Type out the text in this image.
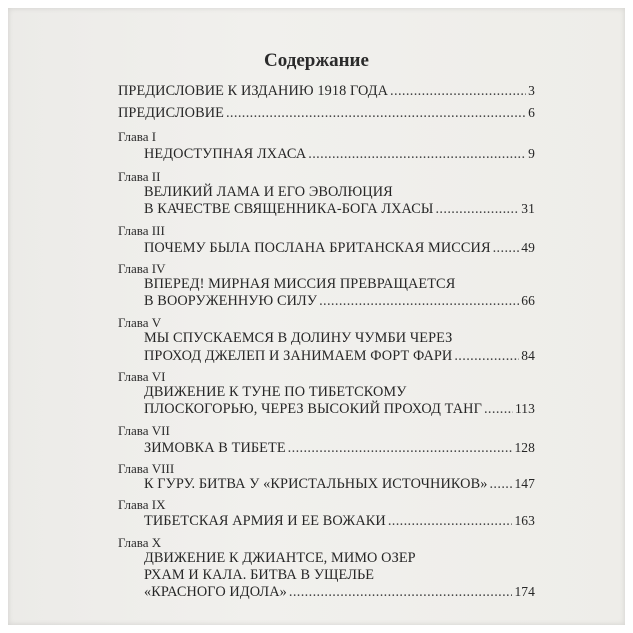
Содержание
ПРЕДИСЛОВИЕ К ИЗДАНИЮ 1918 ГОДА . . .	3
ПРЕДИСЛОВИЕ . . .	6
Глава I
НЕДОСТУПНАЯ ЛХАСА . . .	9
Глава II
ВЕЛИКИЙ ЛАМА И ЕГО ЭВОЛЮЦИЯ
В КАЧЕСТВЕ СВЯЩЕННИКА-БОГА ЛХАСЫ . . .	31
Глава III
ПОЧЕМУ БЫЛА ПОСЛАНА БРИТАНСКАЯ МИССИЯ . . . 49
Глава IV
ВПЕРЕД! МИРНАЯ МИССИЯ ПРЕВРАЩАЕТСЯ
В ВООРУЖЕННУЮ СИЛУ . . .	66
Глава V
МЫ СПУСКАЕМСЯ В ДОЛИНУ ЧУМБИ ЧЕРЕЗ
ПРОХОД ДЖЕЛЕП И ЗАНИМАЕМ ФОРТ ФАРИ . . .	84
Глава VI
ДВИЖЕНИЕ К ТУНЕ ПО ТИБЕТСКОМУ
ПЛОСКОГОРЬЮ, ЧЕРЕЗ ВЫСОКИЙ ПРОХОД ТАНГ . . . 113
Глава VII
ЗИМОВКА В ТИБЕТЕ . . .	128
Глава VIII
К ГУРУ. БИТВА У «КРИСТАЛЬНЫХ ИСТОЧНИКОВ» . . . 147
Глава IX
ТИБЕТСКАЯ АРМИЯ И ЕЕ ВОЖАКИ . . .	163
Глава X
ДВИЖЕНИЕ К ДЖИАНТСЕ, МИМО ОЗЕР
РХАМ И КАЛА. БИТВА В УЩЕЛЬЕ
«КРАСНОГО ИДОЛА» . . .	174
